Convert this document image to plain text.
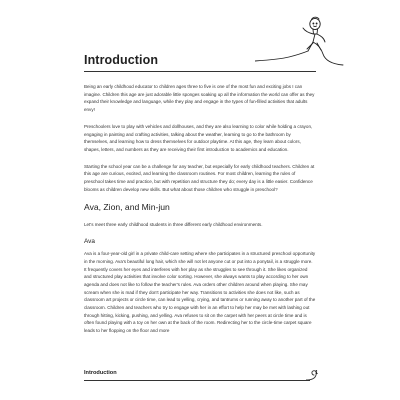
Introduction

Being an early childhood educator to children ages three to five is one of the most fun and exciting jobs I can imagine. Children this age are just adorable little sponges soaking up all the information the world can offer as they expand their knowledge and language, while they play and engage in the types of fun-filled activities that adults envy!

Preschoolers love to play with vehicles and dollhouses, and they are also learning to color while holding a crayon, engaging in painting and crafting activities, talking about the weather, learning to go to the bathroom by themselves, and learning how to dress themselves for outdoor playtime. At this age, they learn about colors, shapes, letters, and numbers as they are receiving their first introduction to academics and education.

Starting the school year can be a challenge for any teacher, but especially for early childhood teachers. Children at this age are curious, excited, and learning the classroom routines. For most children, learning the rules of preschool takes time and practice, but with repetition and structure they do; every day is a little easier. Confidence blooms as children develop new skills. But what about those children who struggle in preschool?

Ava, Zion, and Min-jun

Let's meet three early childhood students in three different early childhood environments.

Ava

Ava is a four-year-old girl in a private child-care setting where she participates in a structured preschool opportunity in the morning. Ava's beautiful long hair, which she will not let anyone cut or put into a ponytail, is a struggle more. It frequently covers her eyes and interferes with her play as she struggles to see through it. She likes organized and structured play activities that involve color sorting. However, she always wants to play according to her own agenda and does not like to follow the teacher's rules. Ava orders other children around when playing. She may scream when she is mad if they don't participate her way. Transitions to activities she does not like, such as classroom art projects or circle time, can lead to yelling, crying, and tantrums or running away to another part of the classroom. Children and teachers who try to engage with her in an effort to help her may be met with lashing out through hitting, kicking, pushing, and yelling. Ava refuses to sit on the carpet with her peers at circle time and is often found playing with a toy on her own at the back of the room. Redirecting her to the circle-time carpet square leads to her flopping on the floor and more

Introduction	1
